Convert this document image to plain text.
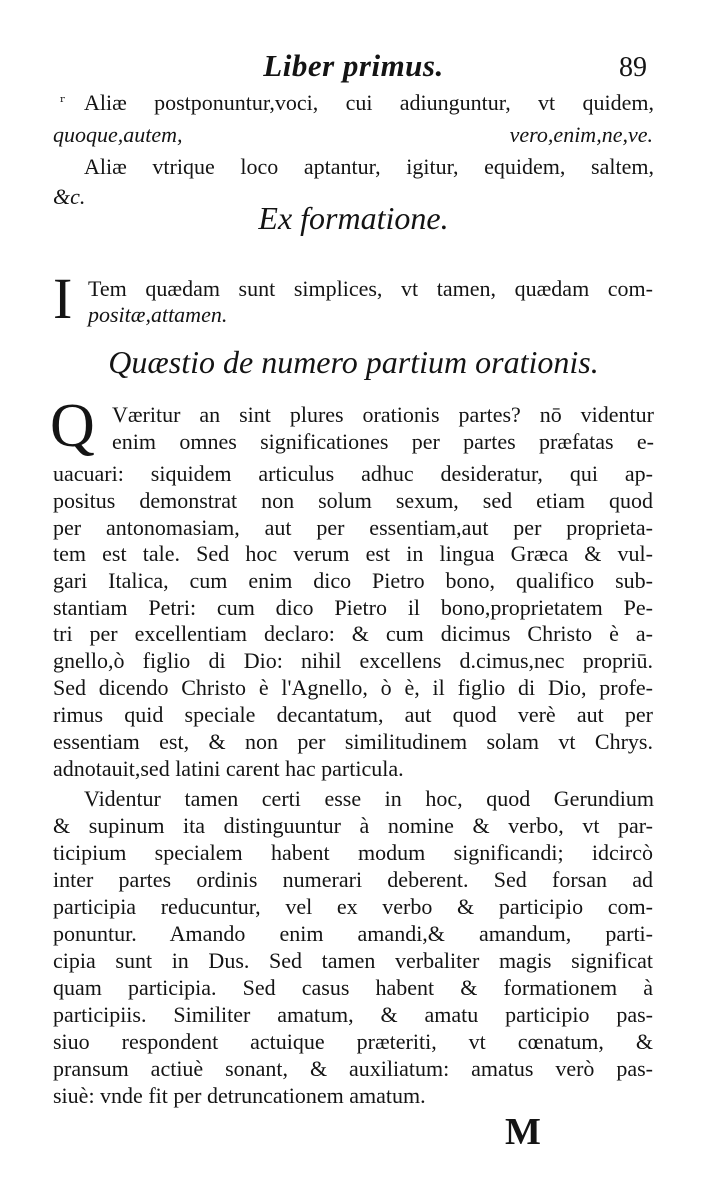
ʳ
Liber primus.	89
Aliæ postponuntur,voci, cui adiunguntur, vt quidem,
quoque,autem, vero,enim,ne,ve.
Aliæ vtrique loco aptantur, igitur, equidem, saltem,
&c.
Ex formatione.
I Tem quædam sunt simplices, vt tamen, quædam com-
positæ,attamen.
Quæstio de numero partium orationis.
Q Væritur an sint plures orationis partes? nō videntur
enim omnes significationes per partes præfatas e-
uacuari: siquidem articulus adhuc desideratur, qui ap-
positus demonstrat non solum sexum, sed etiam quod
per antonomasiam, aut per essentiam,aut per proprieta-
tem est tale. Sed hoc verum est in lingua Græca & vul-
gari Italica, cum enim dico Pietro bono, qualifico sub-
stantiam Petri: cum dico Pietro il bono,proprietatem Pe-
tri per excellentiam declaro: & cum dicimus Christo è a-
gnello,ò figlio di Dio: nihil excellens d.cimus,nec propriū.
Sed dicendo Christo è l'Agnello, ò è, il figlio di Dio, profe-
rimus quid speciale decantatum, aut quod verè aut per
essentiam est, & non per similitudinem solam vt Chrys.
adnotauit,sed latini carent hac particula.
Videntur tamen certi esse in hoc, quod Gerundium
& supinum ita distinguuntur à nomine & verbo, vt par-
ticipium specialem habent modum significandi; idcircò
inter partes ordinis numerari deberent. Sed forsan ad
participia reducuntur, vel ex verbo & participio com-
ponuntur. Amando enim amandi,& amandum, parti-
cipia sunt in Dus. Sed tamen verbaliter magis significat
quam participia. Sed casus habent & formationem à
participiis. Similiter amatum, & amatu participio pas-
siuo respondent actuique præteriti, vt cœnatum, &
pransum actiuè sonant, & auxiliatum: amatus verò pas-
siuè: vnde fit per detruncationem amatum.
M
